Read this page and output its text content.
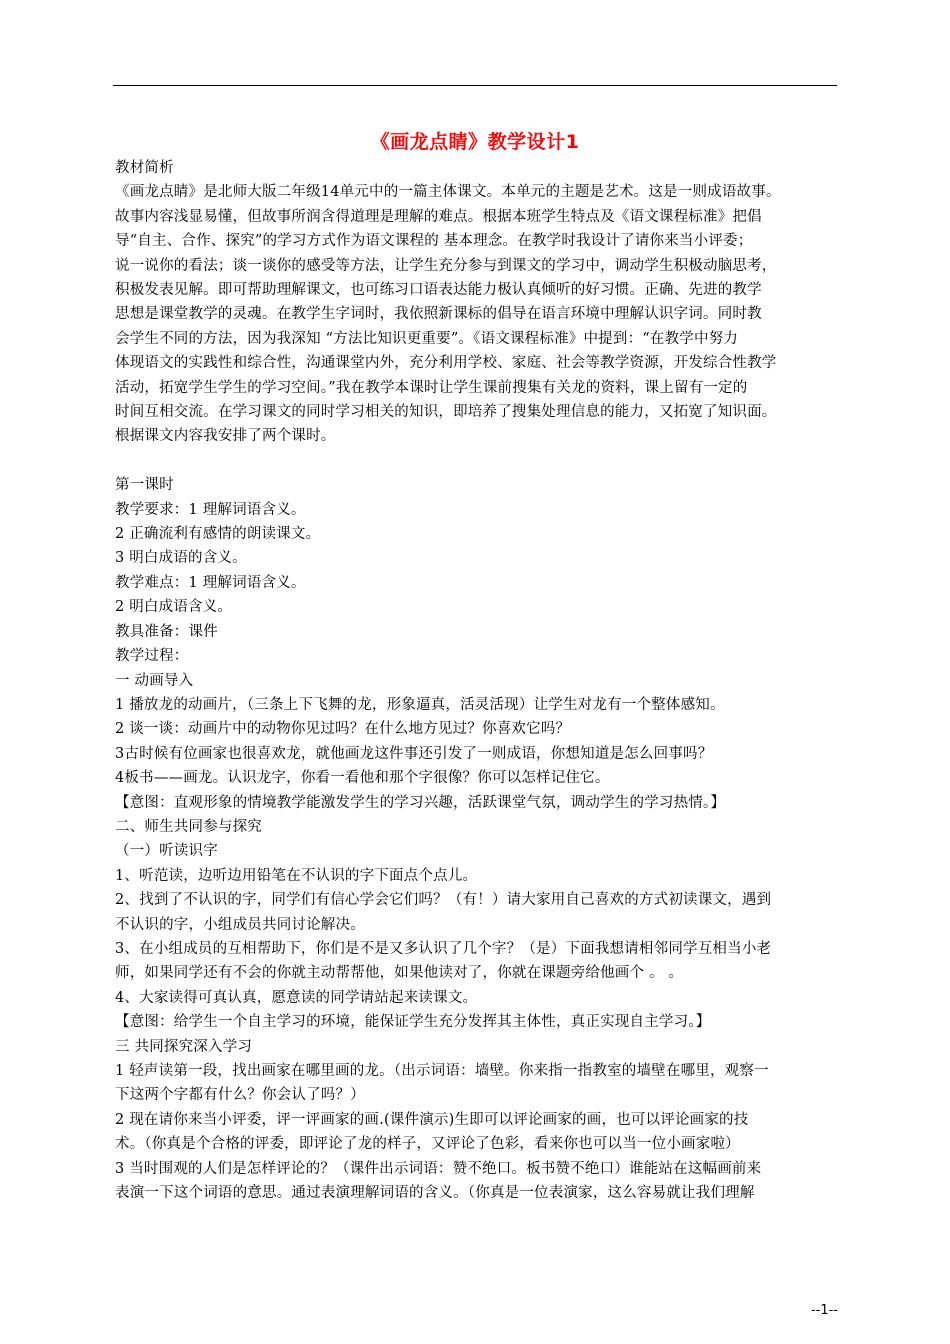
《画龙点睛》教学设计1

教材简析

《画龙点睛》是北师大版二年级14单元中的一篇主体课文。本单元的主题是艺术。这是一则成语故事。

故事内容浅显易懂，但故事所润含得道理是理解的难点。根据本班学生特点及《语文课程标准》把倡

导“自主、合作、探究”的学习方式作为语文课程的 基本理念。在教学时我设计了请你来当小评委；

说一说你的看法；谈一谈你的感受等方法，让学生充分参与到课文的学习中，调动学生积极动脑思考，

积极发表见解。即可帮助理解课文，也可练习口语表达能力极认真倾听的好习惯。正确、先进的教学

思想是课堂教学的灵魂。在教学生字词时，我依照新课标的倡导在语言环境中理解认识字词。同时教

会学生不同的方法，因为我深知 “方法比知识更重要”。《语文课程标准》中提到：“在教学中努力

体现语文的实践性和综合性，沟通课堂内外，充分利用学校、家庭、社会等教学资源，开发综合性教学

活动，拓宽学生学生的学习空间。”我在教学本课时让学生课前搜集有关龙的资料，课上留有一定的

时间互相交流。在学习课文的同时学习相关的知识，即培养了搜集处理信息的能力，又拓宽了知识面。

根据课文内容我安排了两个课时。

第一课时

教学要求：1 理解词语含义。

2 正确流利有感情的朗读课文。

3 明白成语的含义。

教学难点：1 理解词语含义。

2 明白成语含义。

教具准备：课件

教学过程：

一 动画导入

1 播放龙的动画片，（三条上下飞舞的龙，形象逼真，活灵活现）让学生对龙有一个整体感知。

2 谈一谈：动画片中的动物你见过吗？在什么地方见过？你喜欢它吗？

3古时候有位画家也很喜欢龙，就他画龙这件事还引发了一则成语，你想知道是怎么回事吗？

4板书——画龙。认识龙字，你看一看他和那个字很像？你可以怎样记住它。

【意图：直观形象的情境教学能激发学生的学习兴趣，活跃课堂气氛，调动学生的学习热情。】

二、师生共同参与探究

（一）听读识字

1、听范读，边听边用铅笔在不认识的字下面点个点儿。

2、找到了不认识的字，同学们有信心学会它们吗？（有！）请大家用自己喜欢的方式初读课文，遇到

不认识的字，小组成员共同讨论解决。

3、在小组成员的互相帮助下，你们是不是又多认识了几个字？（是）下面我想请相邻同学互相当小老

师，如果同学还有不会的你就主动帮帮他，如果他读对了，你就在课题旁给他画个 。 。

4、大家读得可真认真，愿意读的同学请站起来读课文。

【意图：给学生一个自主学习的环境，能保证学生充分发挥其主体性，真正实现自主学习。】

三 共同探究深入学习

1 轻声读第一段，找出画家在哪里画的龙。（出示词语：墙壁。你来指一指教室的墙壁在哪里，观察一

下这两个字都有什么？你会认了吗？）

2 现在请你来当小评委，评一评画家的画.(课件演示)生即可以评论画家的画，也可以评论画家的技

术。（你真是个合格的评委，即评论了龙的样子，又评论了色彩，看来你也可以当一位小画家啦）

3 当时围观的人们是怎样评论的？（课件出示词语：赞不绝口。板书赞不绝口）谁能站在这幅画前来

表演一下这个词语的意思。通过表演理解词语的含义。（你真是一位表演家，这么容易就让我们理解

--1--
